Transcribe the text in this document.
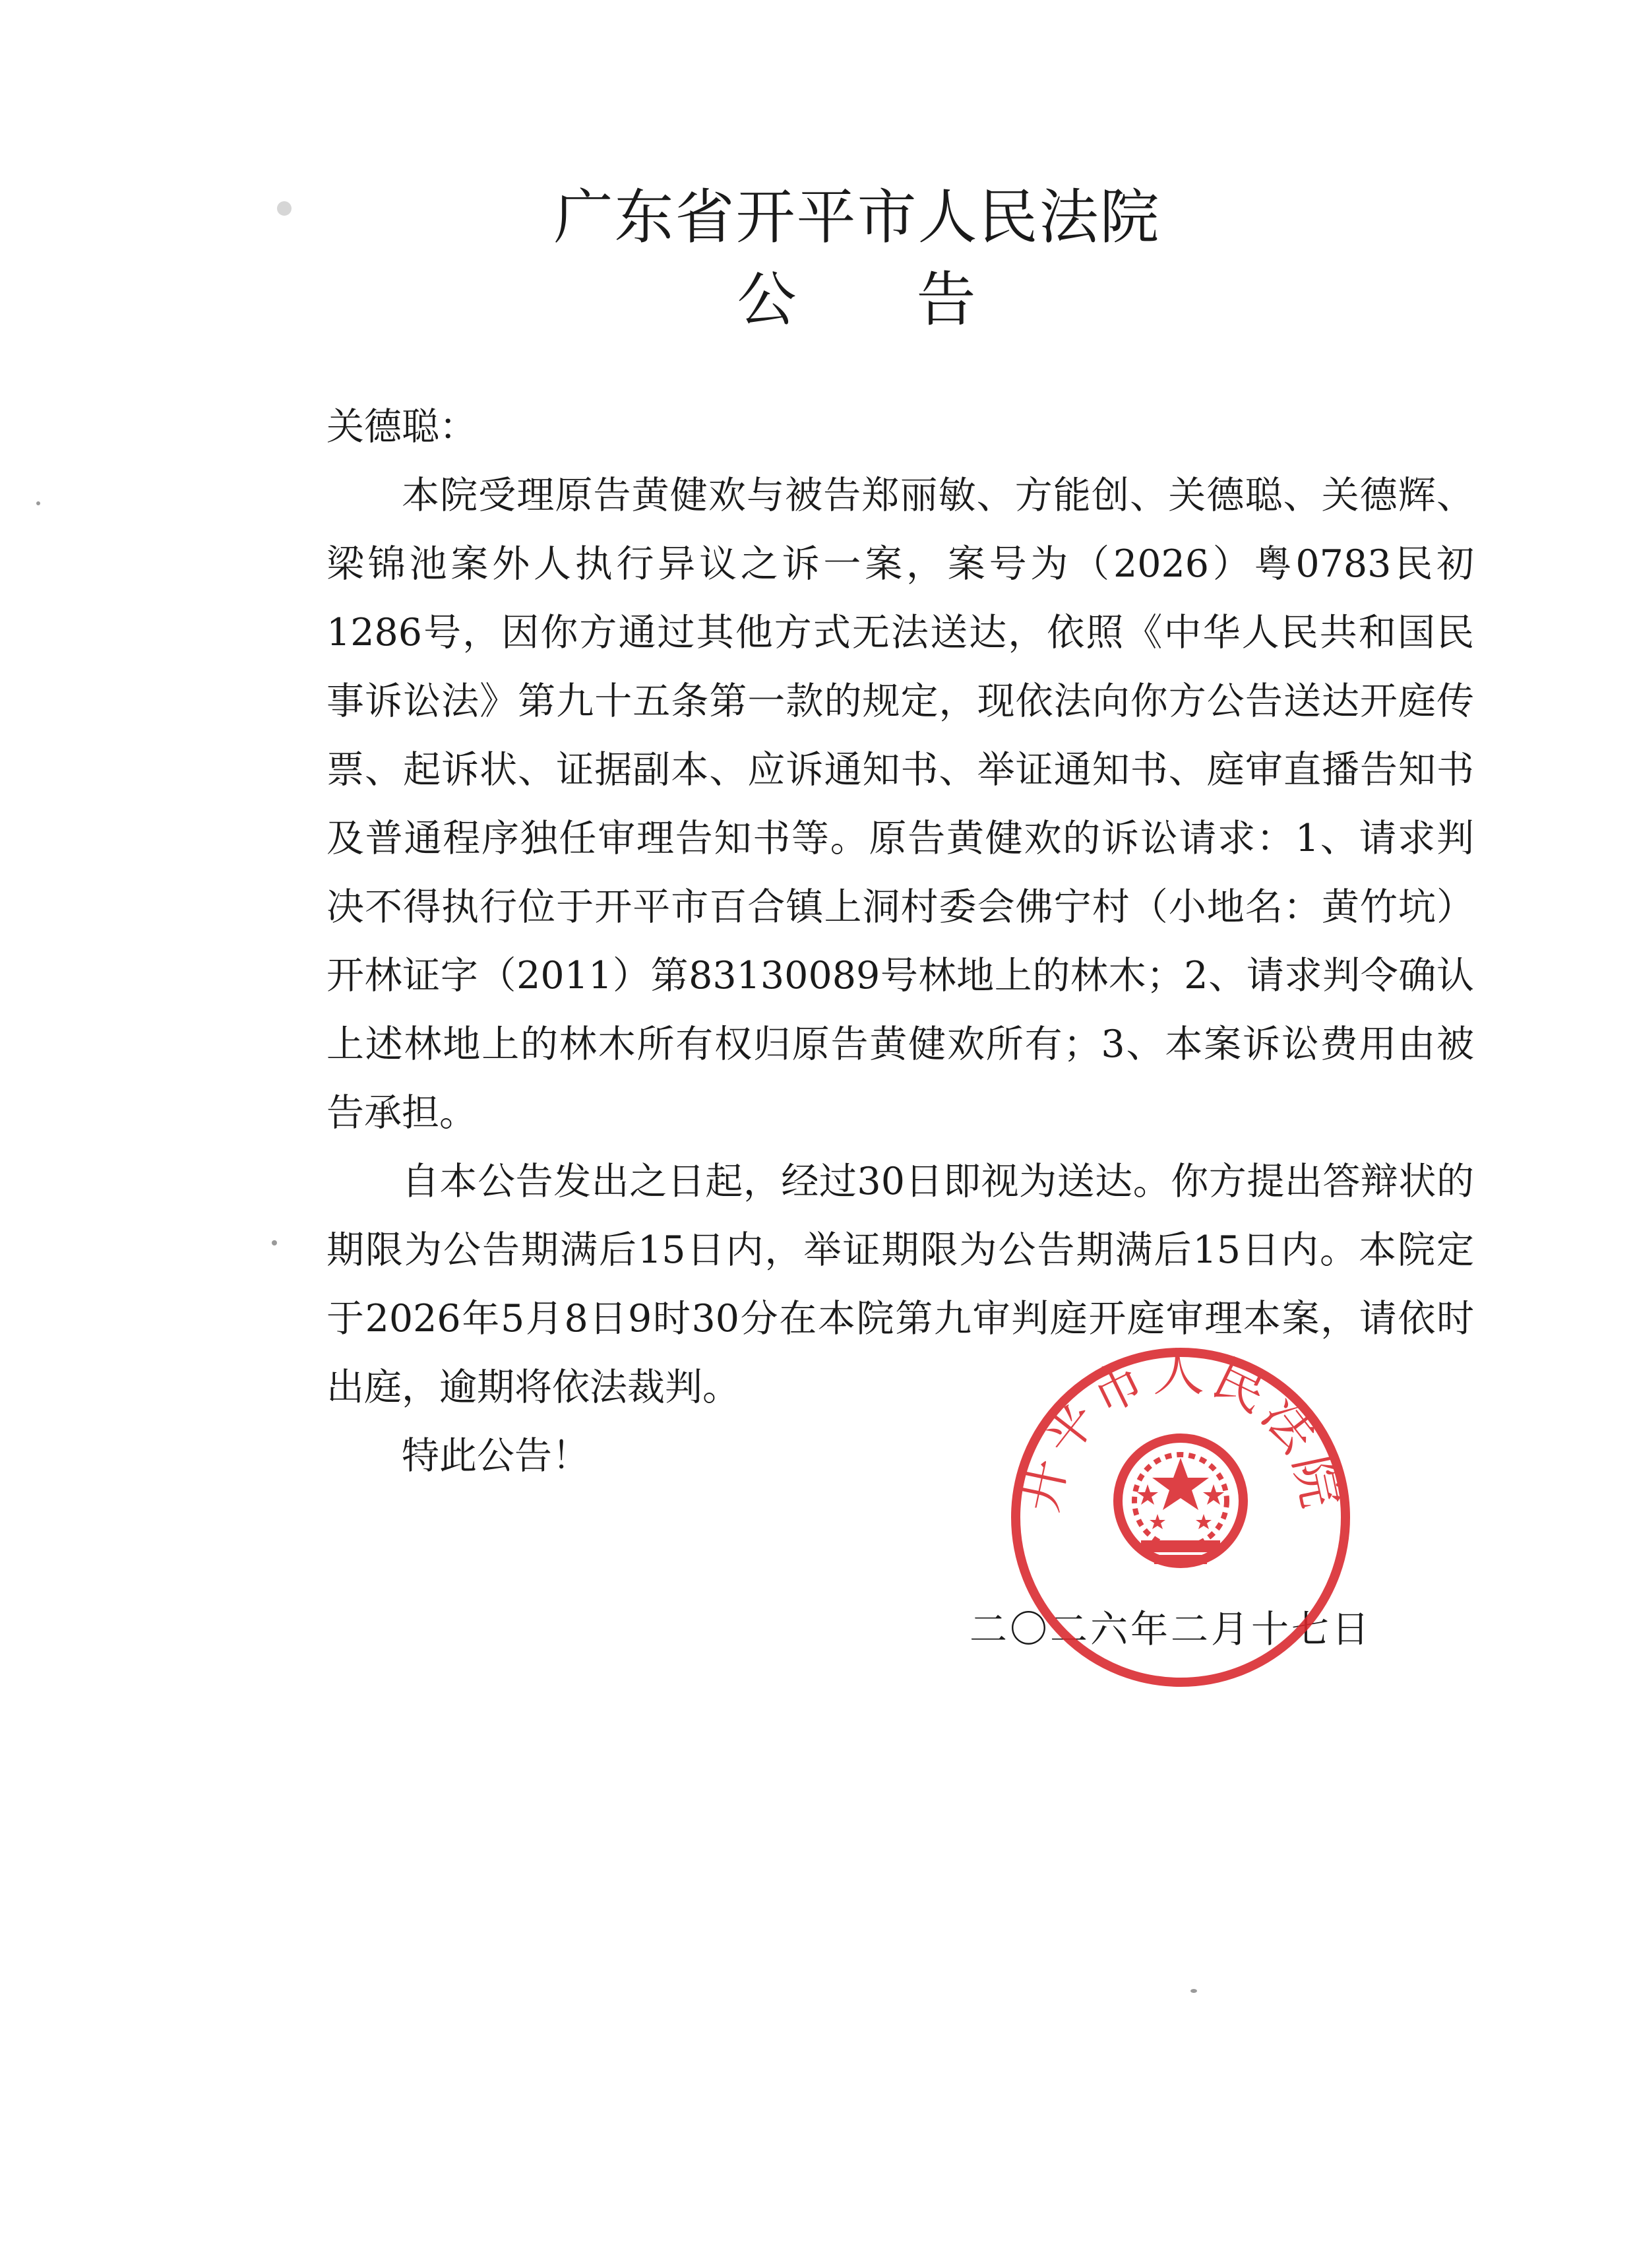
广东省开平市人民法院
公 告

关德聪：

本院受理原告黄健欢与被告郑丽敏、方能创、关德聪、关德辉、梁锦池案外人执行异议之诉一案，案号为（2026）粤0783民初1286号，因你方通过其他方式无法送达，依照《中华人民共和国民事诉讼法》第九十五条第一款的规定，现依法向你方公告送达开庭传票、起诉状、证据副本、应诉通知书、举证通知书、庭审直播告知书及普通程序独任审理告知书等。原告黄健欢的诉讼请求：1、请求判决不得执行位于开平市百合镇上洞村委会佛宁村（小地名：黄竹坑）开林证字（2011）第83130089号林地上的林木；2、请求判令确认上述林地上的林木所有权归原告黄健欢所有；3、本案诉讼费用由被告承担。

自本公告发出之日起，经过30日即视为送达。你方提出答辩状的期限为公告期满后15日内，举证期限为公告期满后15日内。本院定于2026年5月8日9时30分在本院第九审判庭开庭审理本案，请依时出庭，逾期将依法裁判。

特此公告！

二〇二六年二月十七日
开平市人民法院
